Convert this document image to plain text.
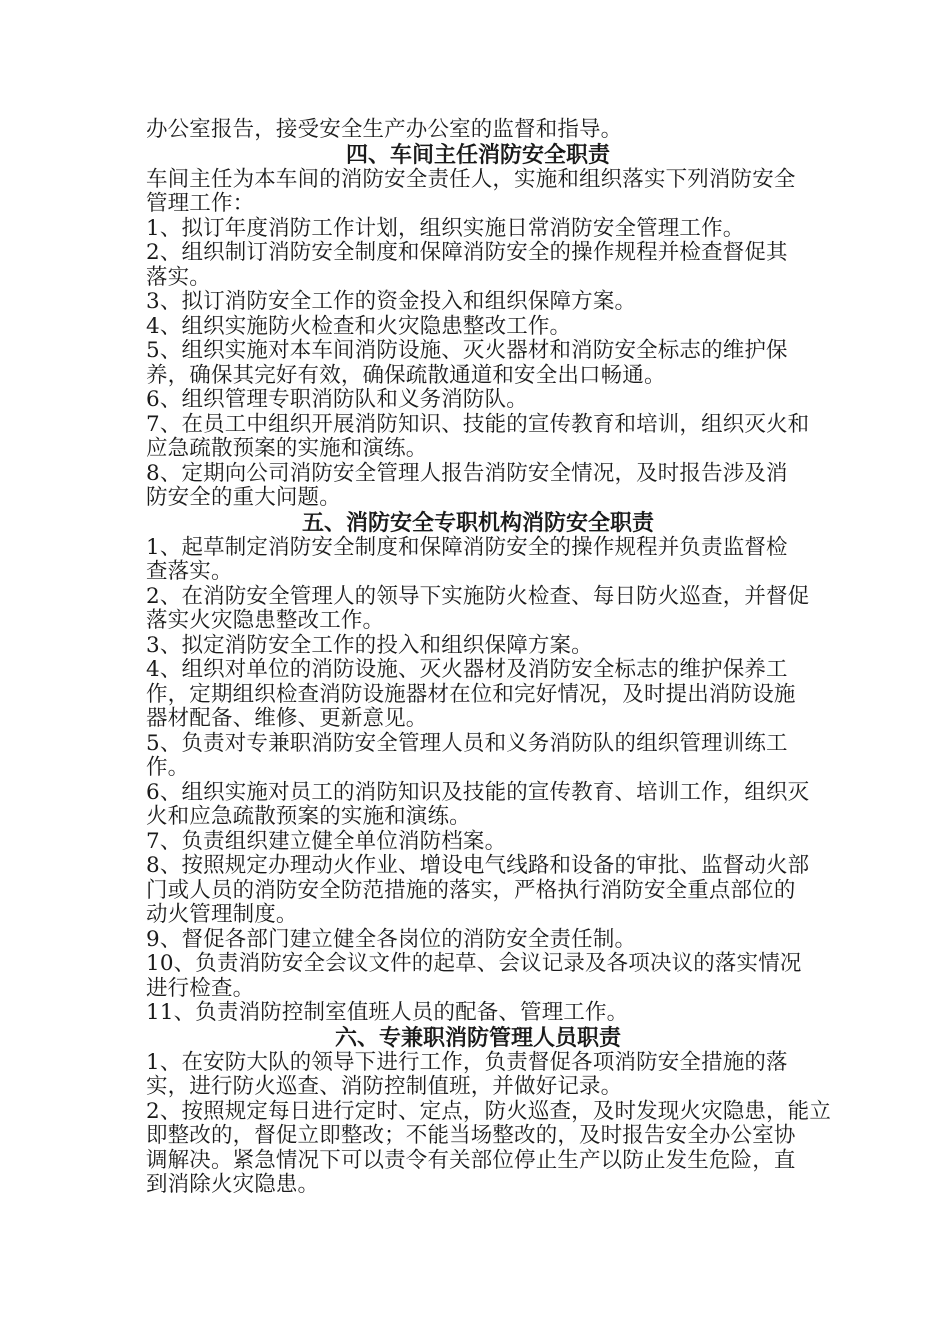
办公室报告，接受安全生产办公室的监督和指导。
四、车间主任消防安全职责
车间主任为本车间的消防安全责任人，实施和组织落实下列消防安全
管理工作：
1、拟订年度消防工作计划，组织实施日常消防安全管理工作。
2、组织制订消防安全制度和保障消防安全的操作规程并检查督促其
落实。
3、拟订消防安全工作的资金投入和组织保障方案。
4、组织实施防火检查和火灾隐患整改工作。
5、组织实施对本车间消防设施、灭火器材和消防安全标志的维护保
养，确保其完好有效，确保疏散通道和安全出口畅通。
6、组织管理专职消防队和义务消防队。
7、在员工中组织开展消防知识、技能的宣传教育和培训，组织灭火和
应急疏散预案的实施和演练。
8、定期向公司消防安全管理人报告消防安全情况，及时报告涉及消
防安全的重大问题。
五、消防安全专职机构消防安全职责
1、起草制定消防安全制度和保障消防安全的操作规程并负责监督检
查落实。
2、在消防安全管理人的领导下实施防火检查、每日防火巡查，并督促
落实火灾隐患整改工作。
3、拟定消防安全工作的投入和组织保障方案。
4、组织对单位的消防设施、灭火器材及消防安全标志的维护保养工
作，定期组织检查消防设施器材在位和完好情况，及时提出消防设施
器材配备、维修、更新意见。
5、负责对专兼职消防安全管理人员和义务消防队的组织管理训练工
作。
6、组织实施对员工的消防知识及技能的宣传教育、培训工作，组织灭
火和应急疏散预案的实施和演练。
7、负责组织建立健全单位消防档案。
8、按照规定办理动火作业、增设电气线路和设备的审批、监督动火部
门或人员的消防安全防范措施的落实，严格执行消防安全重点部位的
动火管理制度。
9、督促各部门建立健全各岗位的消防安全责任制。
10、负责消防安全会议文件的起草、会议记录及各项决议的落实情况
进行检查。
11、负责消防控制室值班人员的配备、管理工作。
六、专兼职消防管理人员职责
1、在安防大队的领导下进行工作，负责督促各项消防安全措施的落
实，进行防火巡查、消防控制值班，并做好记录。
2、按照规定每日进行定时、定点，防火巡查，及时发现火灾隐患，能立
即整改的，督促立即整改；不能当场整改的，及时报告安全办公室协
调解决。紧急情况下可以责令有关部位停止生产以防止发生危险，直
到消除火灾隐患。
